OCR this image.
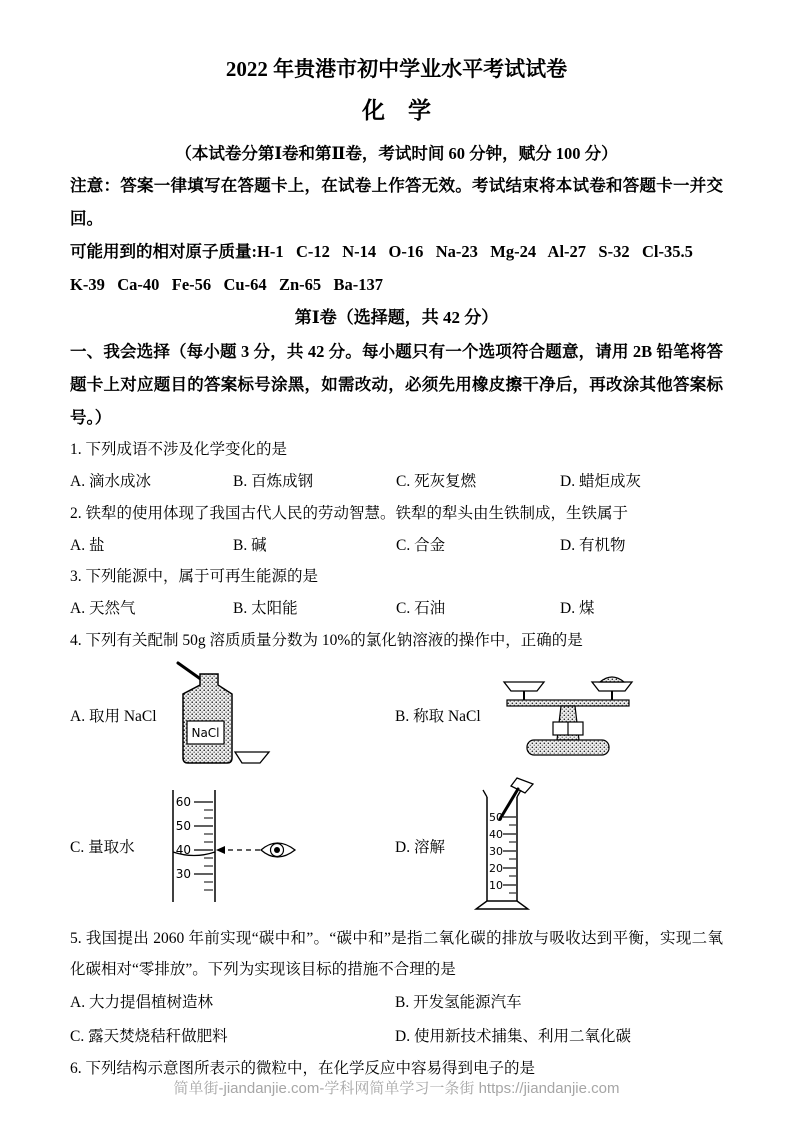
2022 年贵港市初中学业水平考试试卷
化　学
（本试卷分第Ⅰ卷和第Ⅱ卷，考试时间 60 分钟，赋分 100 分）
注意：答案一律填写在答题卡上，在试卷上作答无效。考试结束将本试卷和答题卡一并交回。
可能用到的相对原子质量:H-1   C-12   N-14   O-16   Na-23   Mg-24   Al-27   S-32   Cl-35.5
K-39   Ca-40   Fe-56   Cu-64   Zn-65   Ba-137
第Ⅰ卷（选择题，共 42 分）
一、我会选择（每小题 3 分，共 42 分。每小题只有一个选项符合题意，请用 2B 铅笔将答题卡上对应题目的答案标号涂黑，如需改动，必须先用橡皮擦干净后，再改涂其他答案标号。）
1. 下列成语不涉及化学变化的是
A. 滴水成冰	B. 百炼成钢	C. 死灰复燃	D. 蜡炬成灰
2. 铁犁的使用体现了我国古代人民的劳动智慧。铁犁的犁头由生铁制成，生铁属于
A. 盐	B. 碱	C. 合金	D. 有机物
3. 下列能源中，属于可再生能源的是
A. 天然气	B. 太阳能	C. 石油	D. 煤
4. 下列有关配制 50g 溶质质量分数为 10%的氯化钠溶液的操作中，正确的是
A. 取用 NaCl
NaCl
B. 称取 NaCl
C. 量取水
60
50
40
30
D. 溶解
50
40
30
20
10
5. 我国提出 2060 年前实现“碳中和”。“碳中和”是指二氧化碳的排放与吸收达到平衡，实现二氧化碳相对“零排放”。下列为实现该目标的措施不合理的是
A. 大力提倡植树造林	B. 开发氢能源汽车
C. 露天焚烧秸秆做肥料	D. 使用新技术捕集、利用二氧化碳
6. 下列结构示意图所表示的微粒中，在化学反应中容易得到电子的是
简单街-jiandanjie.com-学科网简单学习一条街 https://jiandanjie.com
